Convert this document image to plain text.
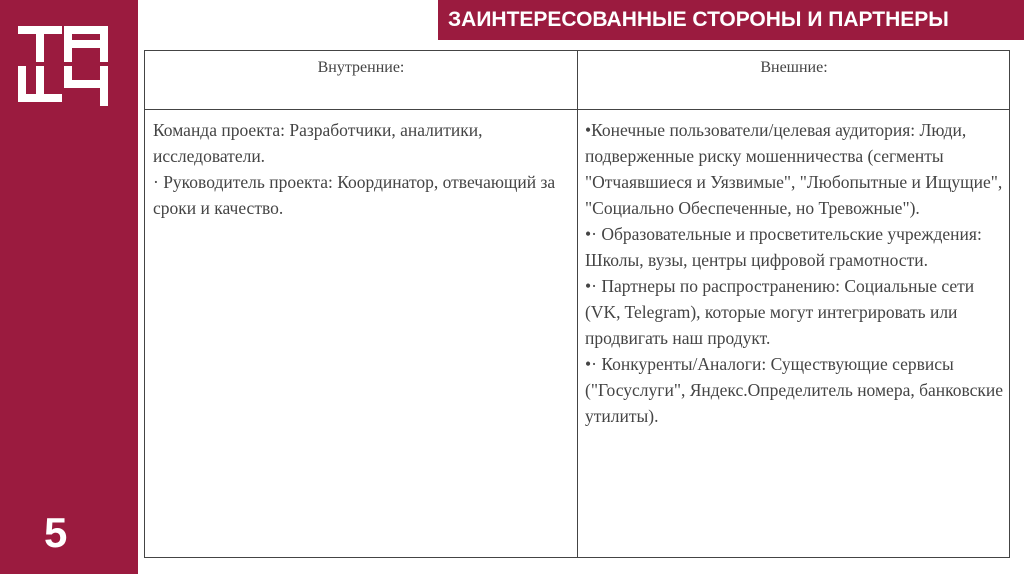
5
ЗАИНТЕРЕСОВАННЫЕ СТОРОНЫ И ПАРТНЕРЫ
Внутренние:	Внешние:

Команда проекта: Разработчики, аналитики, исследователи.

· Руководитель проекта: Координатор, отвечающий за сроки и качество.

•Конечные пользователи/целевая аудитория: Люди, подверженные риску мошенничества (сегменты "Отчаявшиеся и Уязвимые", "Любопытные и Ищущие", "Социально Обеспеченные, но Тревожные").

•· Образовательные и просветительские учреждения: Школы, вузы, центры цифровой грамотности.

•· Партнеры по распространению: Социальные сети (VK, Telegram), которые могут интегрировать или продвигать наш продукт.

•· Конкуренты/Аналоги: Существующие сервисы ("Госуслуги", Яндекс.Определитель номера, банковские утилиты).
